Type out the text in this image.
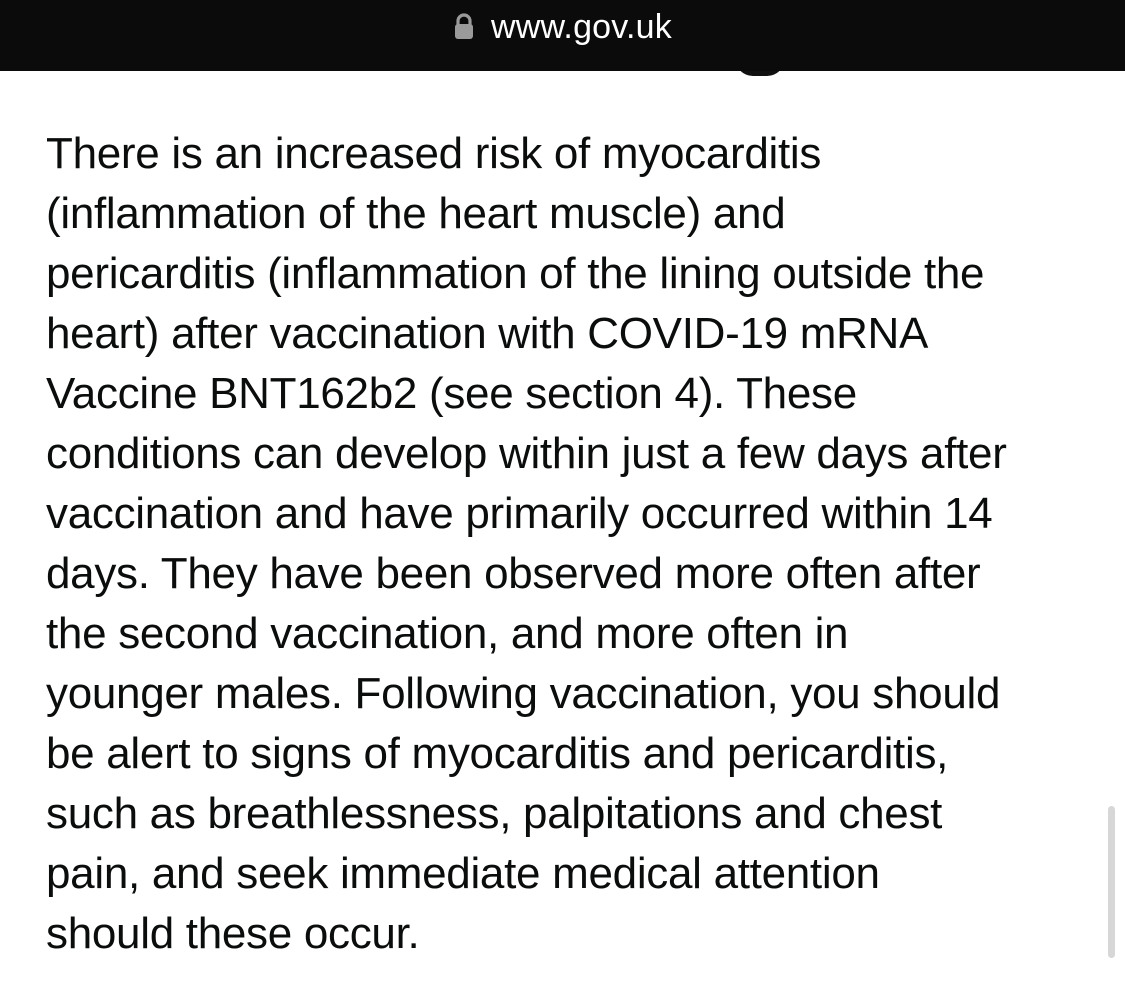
www.gov.uk
There is an increased risk of myocarditis
(inflammation of the heart muscle) and
pericarditis (inflammation of the lining outside the
heart) after vaccination with COVID-19 mRNA
Vaccine BNT162b2 (see section 4). These
conditions can develop within just a few days after
vaccination and have primarily occurred within 14
days. They have been observed more often after
the second vaccination, and more often in
younger males. Following vaccination, you should
be alert to signs of myocarditis and pericarditis,
such as breathlessness, palpitations and chest
pain, and seek immediate medical attention
should these occur.
